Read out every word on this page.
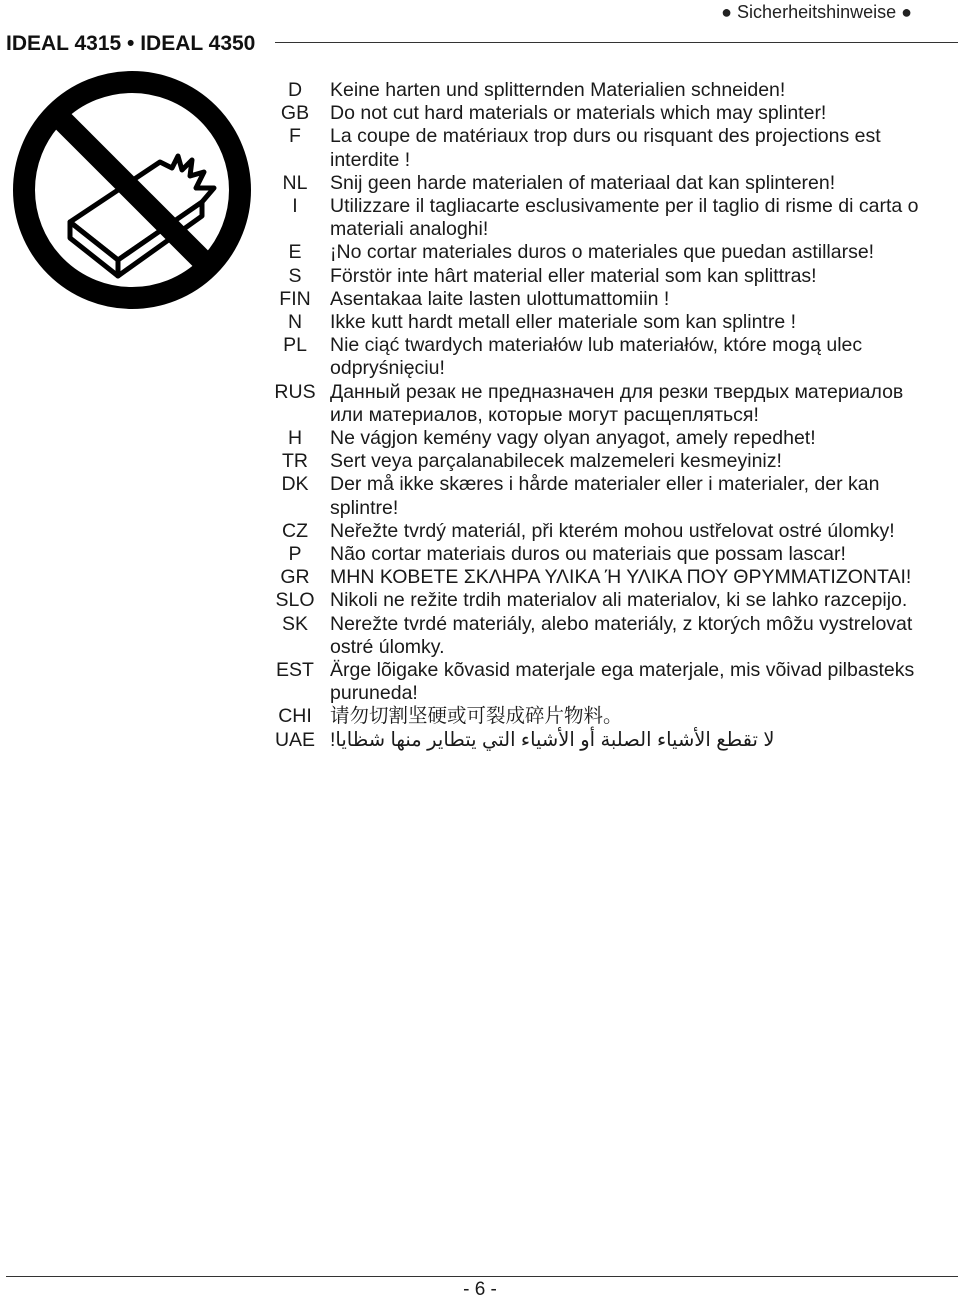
● Sicherheitshinweise ●
IDEAL 4315 • IDEAL 4350
D	Keine harten und splitternden Materialien schneiden!
GB	Do not cut hard materials or materials which may splinter!
F	La coupe de matériaux trop durs ou risquant des projections est interdite !
NL	Snij geen harde materialen of materiaal dat kan splinteren!
I	Utilizzare il tagliacarte esclusivamente per il taglio di risme di carta o materiali analoghi!
E	¡No cortar materiales duros o materiales que puedan astillarse!
S	Förstör inte hârt material eller material som kan splittras!
FIN Asentakaa laite lasten ulottumattomiin !
N	Ikke kutt hardt metall eller materiale som kan splintre !
PL	Nie ciąć twardych materiałów lub materiałów, które mogą ulec odpryśnięciu!
RUS Данный резак не предназначен для резки твердых материалов или материалов, которые могут расщепляться!
H	Ne vágjon kemény vagy olyan anyagot, amely repedhet!
TR	Sert veya parçalanabilecek malzemeleri kesmeyiniz!
DK	Der må ikke skæres i hårde materialer eller i materialer, der kan splintre!
CZ	Neřežte tvrdý materiál, při kterém mohou ustřelovat ostré úlomky!
P	Não cortar materiais duros ou materiais que possam lascar!
GR	ΜΗΝ ΚΟΒΕΤΕ ΣΚΛΗΡΑ ΥΛΙΚΑ Ή ΥΛΙΚΑ ΠΟΥ ΘΡΥΜΜΑΤΙΖΟΝΤΑΙ!
SLO Nikoli ne režite trdih materialov ali materialov, ki se lahko razcepijo.
SK	Nerežte tvrdé materiály, alebo materiály, z ktorých môžu vystrelovat ostré úlomky.
EST Ärge lõigake kõvasid materjale ega materjale, mis võivad pilbasteks puruneda!
CHI 请勿切割坚硬或可裂成碎片物料。
UAE لا تقطع الأشياء الصلبة أو الأشياء التي يتطاير منها شظايا!
- 6 -
